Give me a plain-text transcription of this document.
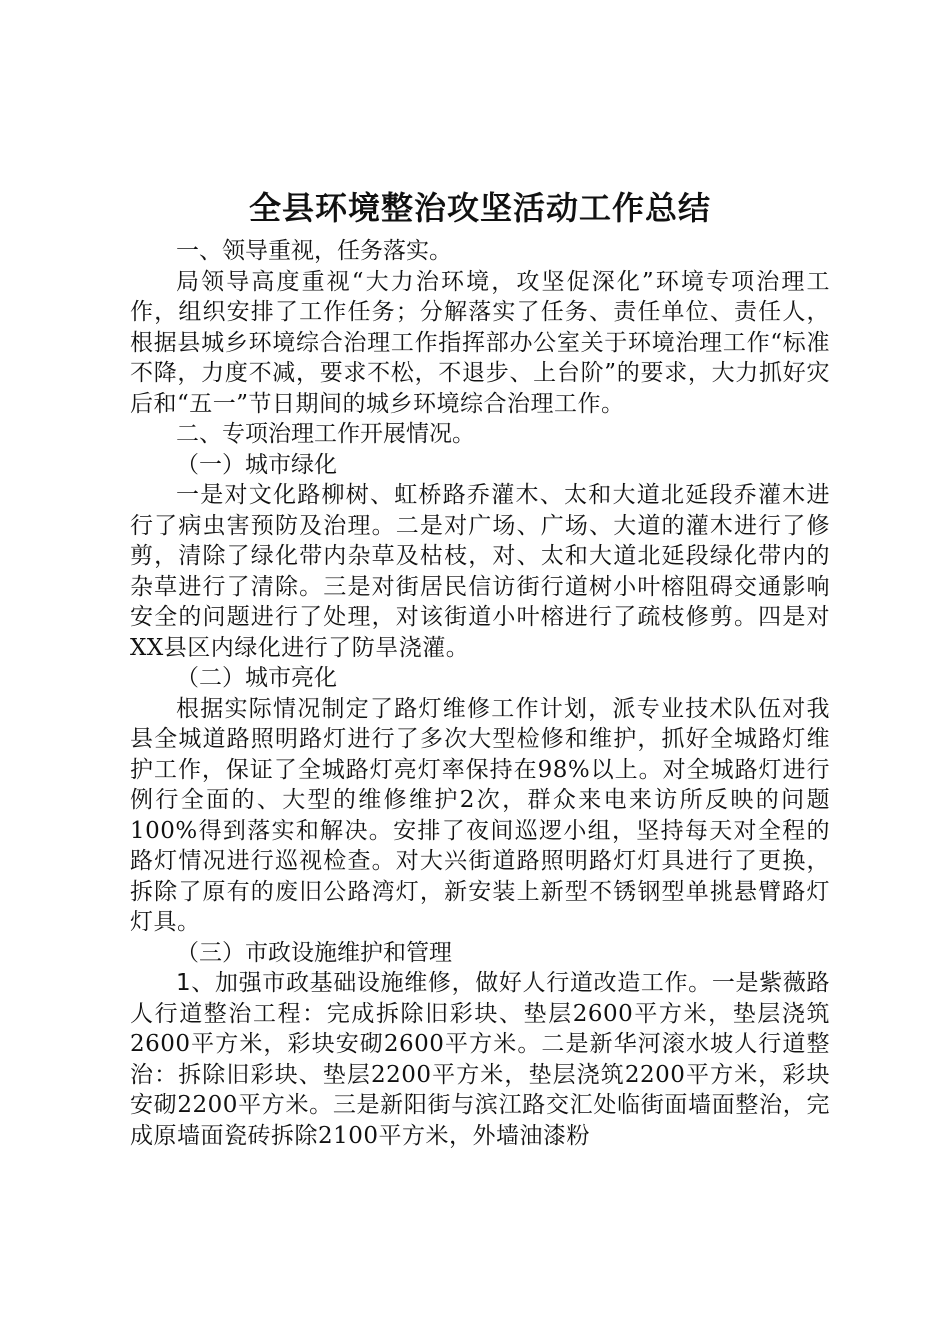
全县环境整治攻坚活动工作总结

一、领导重视，任务落实。

局领导高度重视“大力治环境，攻坚促深化”环境专项治理工作，组织安排了工作任务；分解落实了任务、责任单位、责任人，根据县城乡环境综合治理工作指挥部办公室关于环境治理工作“标准不降，力度不减，要求不松，不退步、上台阶”的要求，大力抓好灾后和“五一”节日期间的城乡环境综合治理工作。

二、专项治理工作开展情况。

（一）城市绿化

一是对文化路柳树、虹桥路乔灌木、太和大道北延段乔灌木进行了病虫害预防及治理。二是对广场、广场、大道的灌木进行了修剪，清除了绿化带内杂草及枯枝，对、太和大道北延段绿化带内的杂草进行了清除。三是对街居民信访街行道树小叶榕阻碍交通影响安全的问题进行了处理，对该街道小叶榕进行了疏枝修剪。四是对XX县区内绿化进行了防旱浇灌。

（二）城市亮化

根据实际情况制定了路灯维修工作计划，派专业技术队伍对我县全城道路照明路灯进行了多次大型检修和维护，抓好全城路灯维护工作，保证了全城路灯亮灯率保持在98%以上。对全城路灯进行例行全面的、大型的维修维护2次，群众来电来访所反映的问题100%得到落实和解决。安排了夜间巡逻小组，坚持每天对全程的路灯情况进行巡视检查。对大兴街道路照明路灯灯具进行了更换，拆除了原有的废旧公路湾灯，新安装上新型不锈钢型单挑悬臂路灯灯具。

（三）市政设施维护和管理

1、加强市政基础设施维修，做好人行道改造工作。一是紫薇路人行道整治工程：完成拆除旧彩块、垫层2600平方米，垫层浇筑2600平方米，彩块安砌2600平方米。二是新华河滚水坡人行道整治：拆除旧彩块、垫层2200平方米，垫层浇筑2200平方米，彩块安砌2200平方米。三是新阳街与滨江路交汇处临街面墙面整治，完成原墙面瓷砖拆除2100平方米，外墙油漆粉
